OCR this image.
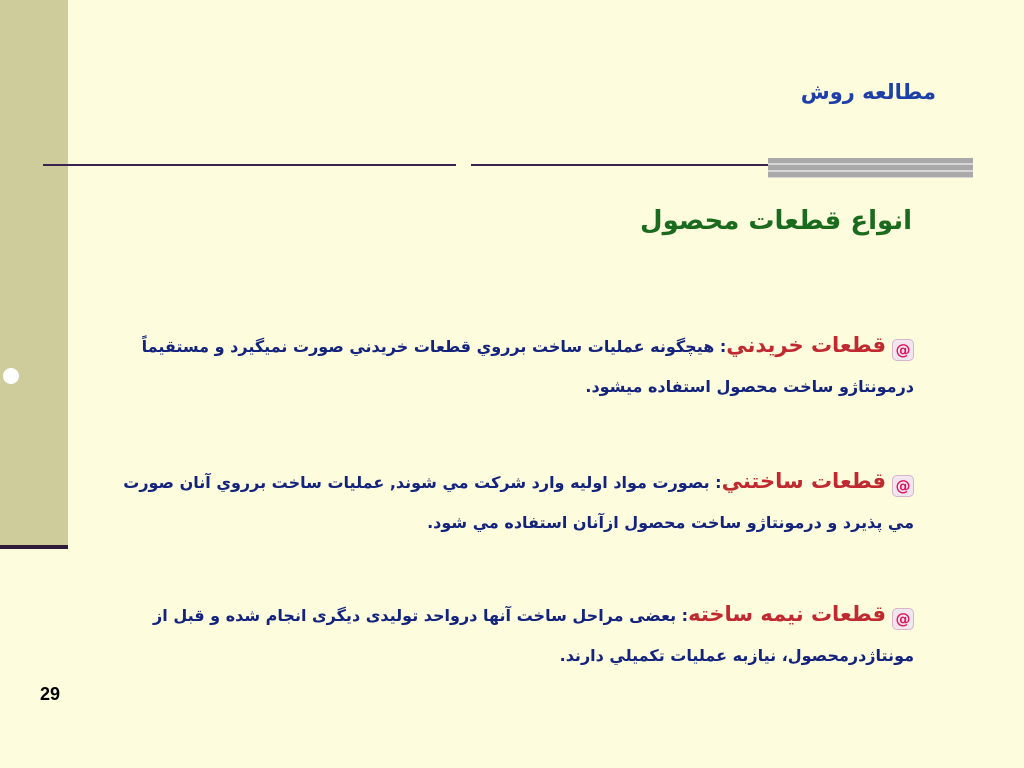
مطالعه روش
انواع قطعات محصول
@قطعات خريدني: هيچگونه عمليات ساخت برروي قطعات خريدني صورت نميگيرد و مستقيماً درمونتاژو ساخت محصول استفاده ميشود.
@قطعات ساختني: بصورت مواد اوليه وارد شركت مي شوند, عمليات ساخت برروي آنان صورت مي پذيرد و درمونتاژو ساخت محصول ازآنان استفاده مي شود.
@قطعات نيمه ساخته: بعضی مراحل ساخت آنها درواحد تولیدی دیگری انجام شده و قبل از مونتاژدرمحصول، نيازبه عمليات تكميلي دارند.
29
